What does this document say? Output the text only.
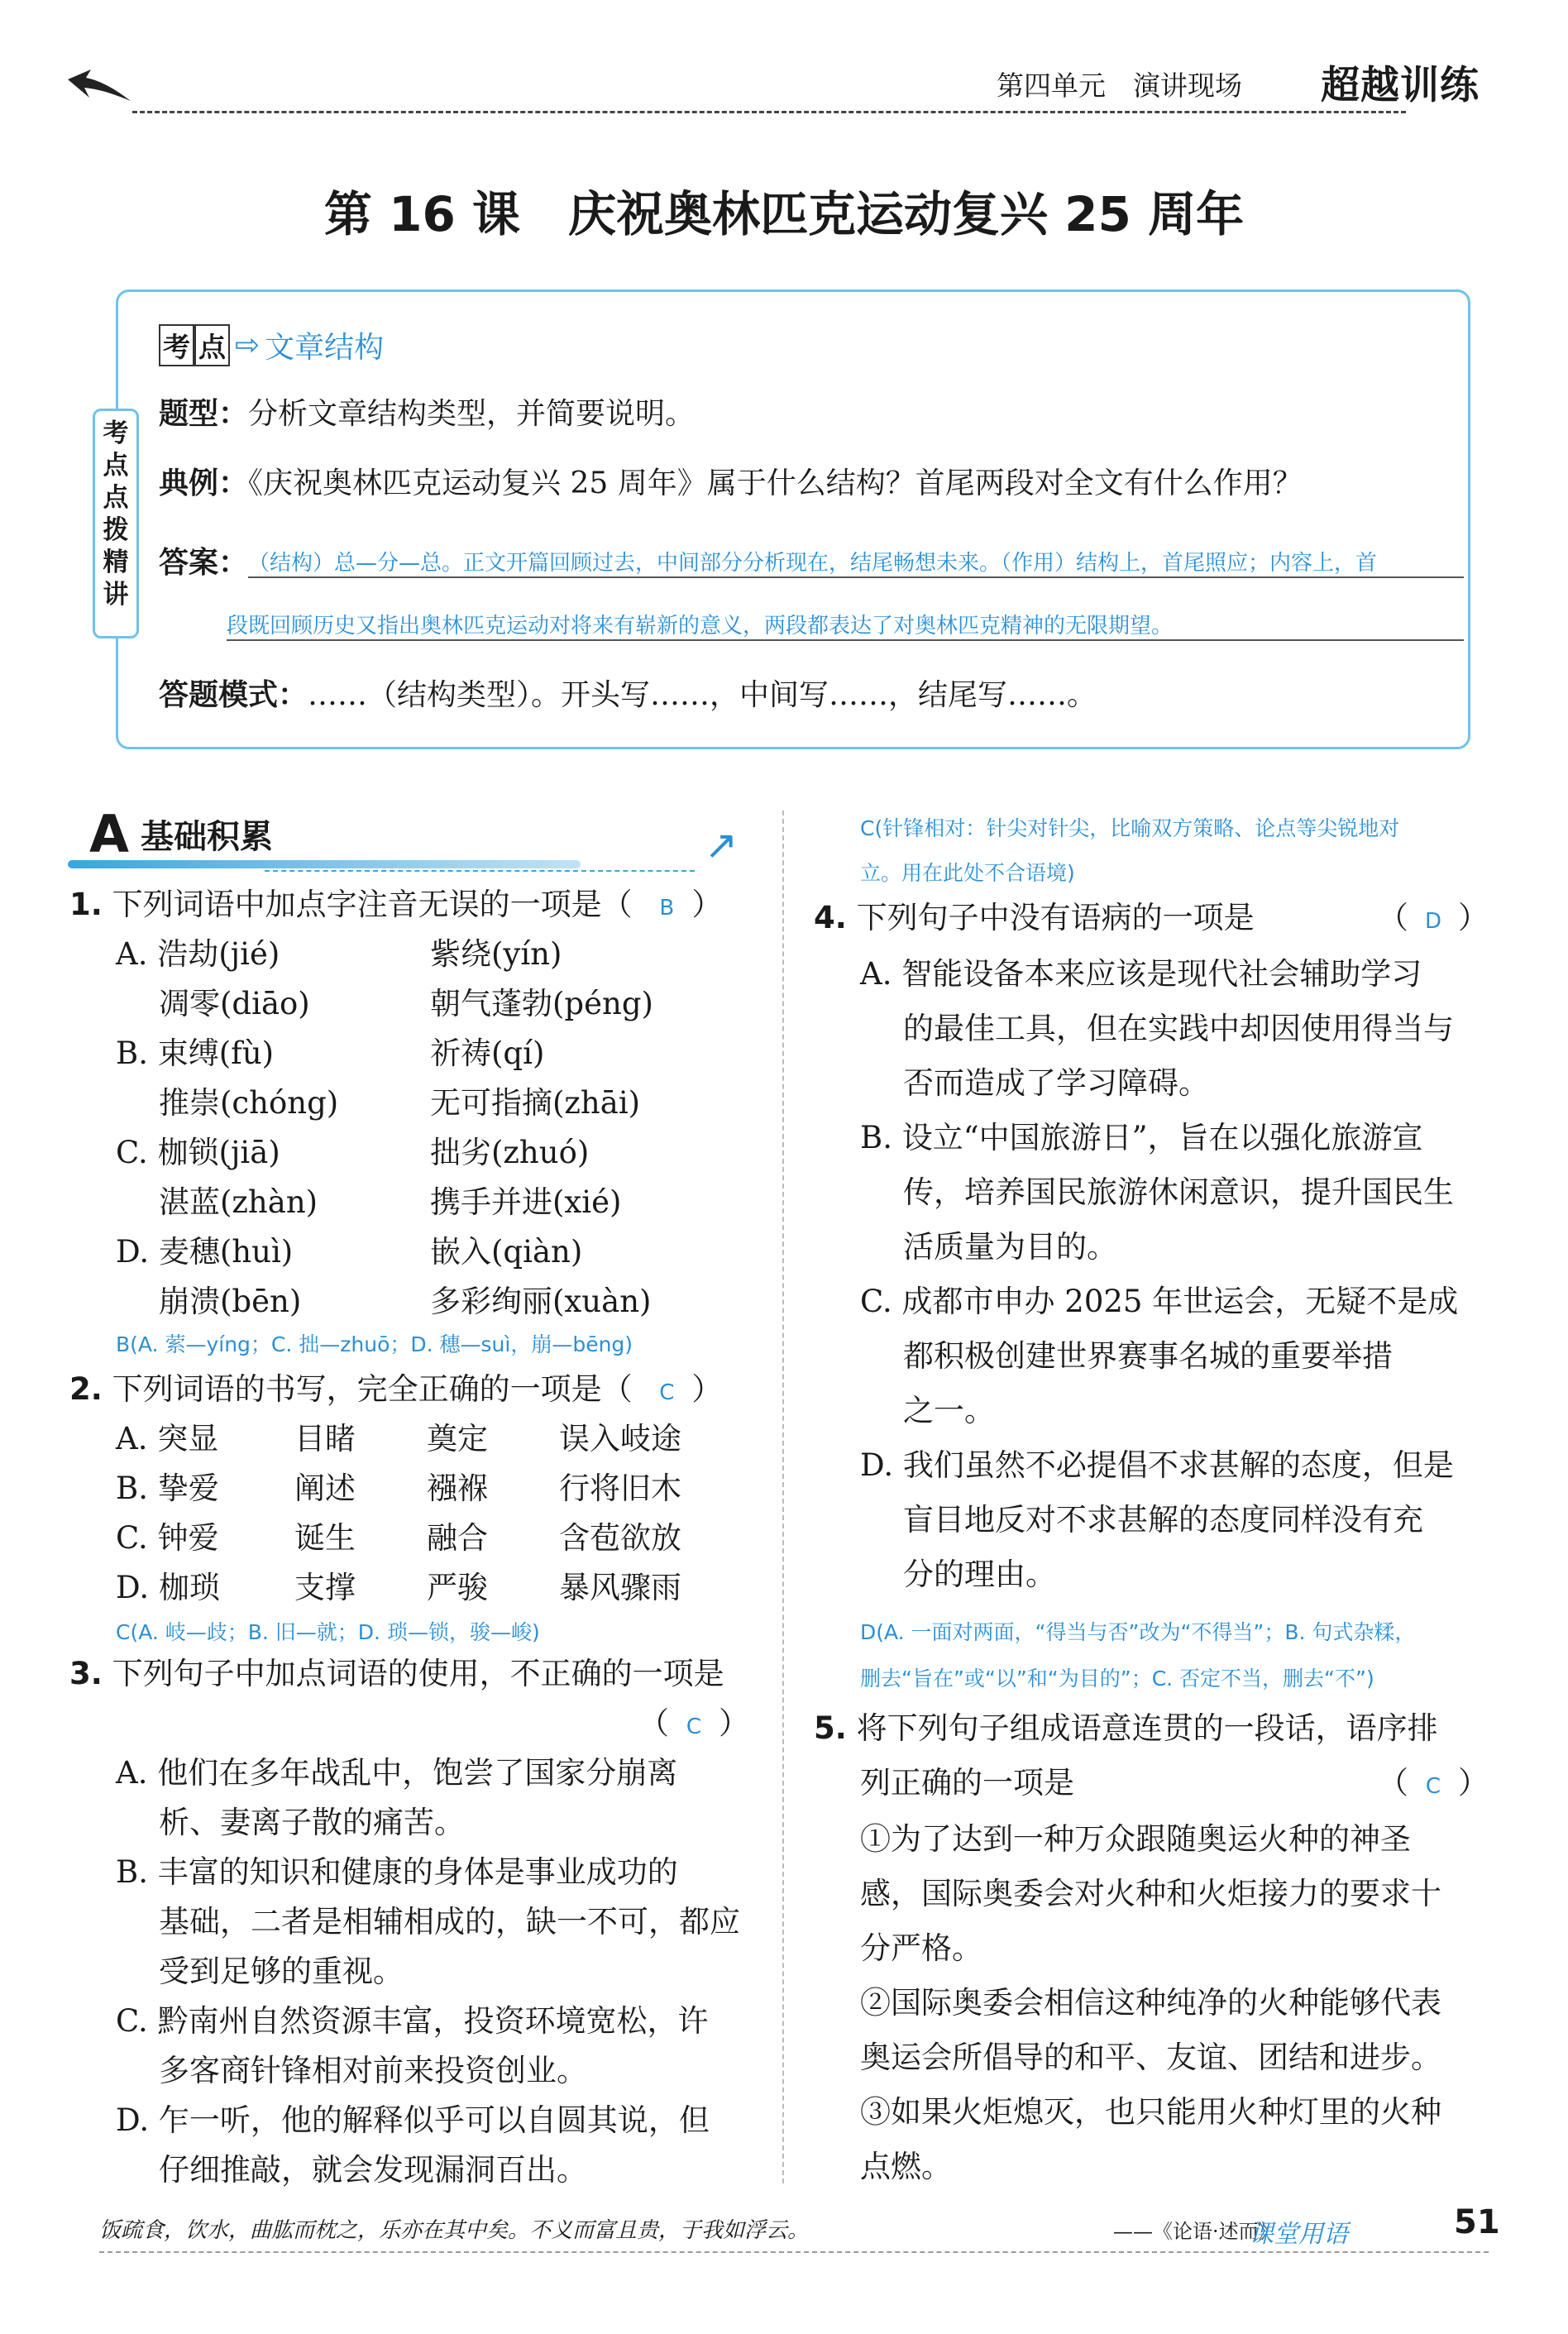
第四单元　演讲现场 超越训练
第 16 课　庆祝奥林匹克运动复兴 25 周年
考
点
点
拨
精
讲
考 点 ⇨ 文章结构
题型：分析文章结构类型，并简要说明。
典例：《庆祝奥林匹克运动复兴 25 周年》属于什么结构？首尾两段对全文有什么作用？
答案： （结构）总—分—总。正文开篇回顾过去，中间部分分析现在，结尾畅想未来。（作用）结构上，首尾照应；内容上，首
段既回顾历史又指出奥林匹克运动对将来有崭新的意义，两段都表达了对奥林匹克精神的无限期望。
答题模式：……（结构类型）。开头写……，中间写……，结尾写……。
↗
A 基础积累
1. 下列词语中加点字注音无误的一项是（ B ）
A. 浩劫(jié)	紫绕(yín)
凋零(diāo)	朝气蓬勃(péng)
B. 束缚(fù)	祈祷(qí)
推崇(chóng)	无可指摘(zhāi)
C. 枷锁(jiā)	拙劣(zhuó)
湛蓝(zhàn)	携手并进(xié)
D. 麦穗(huì)	嵌入(qiàn)
崩溃(bēn)	多彩绚丽(xuàn)
B(A. 萦—yíng；C. 拙—zhuō；D. 穗—suì，崩—bēng)
2. 下列词语的书写，完全正确的一项是（ C ）
A. 突显 目睹 奠定 误入岐途
B. 挚爱 阐述 襁褓 行将旧木
C. 钟爱 诞生 融合 含苞欲放
D. 枷琐 支撑 严骏 暴风骤雨
C(A. 岐—歧；B. 旧—就；D. 琐—锁，骏—峻)
3. 下列句子中加点词语的使用，不正确的一项是
（ C ）
A. 他们在多年战乱中，饱尝了国家分崩离
析、妻离子散的痛苦。
B. 丰富的知识和健康的身体是事业成功的
基础，二者是相辅相成的，缺一不可，都应
受到足够的重视。
C. 黔南州自然资源丰富，投资环境宽松，许
多客商针锋相对前来投资创业。
D. 乍一听，他的解释似乎可以自圆其说，但
仔细推敲，就会发现漏洞百出。
C(针锋相对：针尖对针尖，比喻双方策略、论点等尖锐地对
立。用在此处不合语境)
4. 下列句子中没有语病的一项是	（ D ）
A. 智能设备本来应该是现代社会辅助学习
的最佳工具，但在实践中却因使用得当与
否而造成了学习障碍。
B. 设立“中国旅游日”，旨在以强化旅游宣
传，培养国民旅游休闲意识，提升国民生
活质量为目的。
C. 成都市申办 2025 年世运会，无疑不是成
都积极创建世界赛事名城的重要举措
之一。
D. 我们虽然不必提倡不求甚解的态度，但是
盲目地反对不求甚解的态度同样没有充
分的理由。
D(A. 一面对两面，“得当与否”改为“不得当”；B. 句式杂糅，
删去“旨在”或“以”和“为目的”；C. 否定不当，删去“不”)
5. 将下列句子组成语意连贯的一段话，语序排
列正确的一项是	（ C ）
①为了达到一种万众跟随奥运火种的神圣
感，国际奥委会对火种和火炬接力的要求十
分严格。
②国际奥委会相信这种纯净的火种能够代表
奥运会所倡导的和平、友谊、团结和进步。
③如果火炬熄灭，也只能用火种灯里的火种
点燃。
饭疏食，饮水，曲肱而枕之，乐亦在其中矣。不义而富且贵，于我如浮云。	——《论语·述而》
课堂用语	51
